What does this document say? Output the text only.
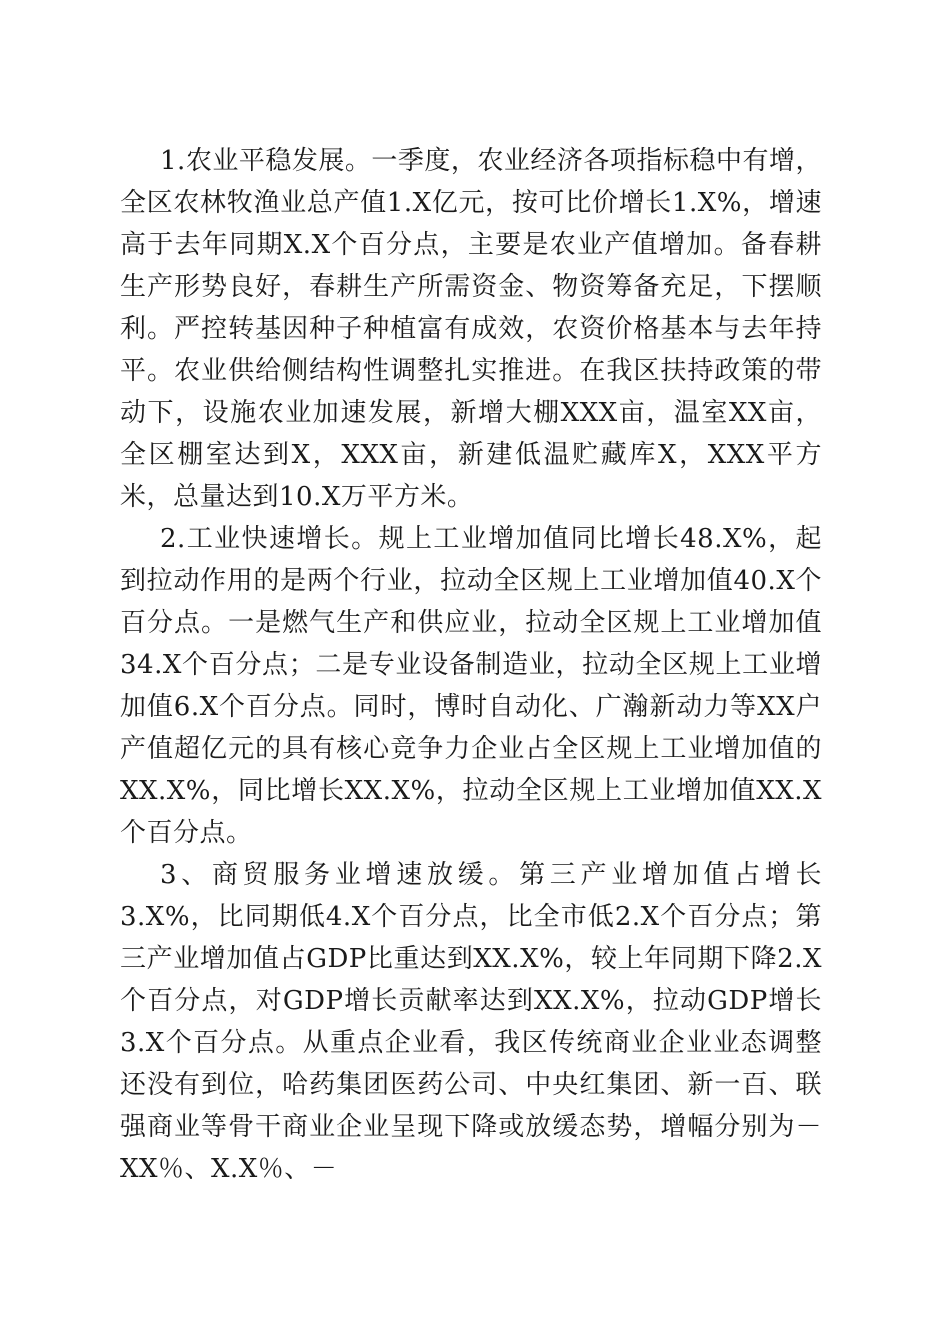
1.农业平稳发展。一季度，农业经济各项指标稳中有增，全区农林牧渔业总产值1.X亿元，按可比价增长1.X%，增速高于去年同期X.X个百分点，主要是农业产值增加。备春耕生产形势良好，春耕生产所需资金、物资筹备充足，下摆顺利。严控转基因种子种植富有成效，农资价格基本与去年持平。农业供给侧结构性调整扎实推进。在我区扶持政策的带动下，设施农业加速发展，新增大棚XXX亩，温室XX亩，全区棚室达到X，XXX亩，新建低温贮藏库X，XXX平方米，总量达到10.X万平方米。

2.工业快速增长。规上工业增加值同比增长48.X%，起到拉动作用的是两个行业，拉动全区规上工业增加值40.X个百分点。一是燃气生产和供应业，拉动全区规上工业增加值34.X个百分点；二是专业设备制造业，拉动全区规上工业增加值6.X个百分点。同时，博时自动化、广瀚新动力等XX户产值超亿元的具有核心竞争力企业占全区规上工业增加值的XX.X%，同比增长XX.X%，拉动全区规上工业增加值XX.X个百分点。

3、商贸服务业增速放缓。第三产业增加值占增长3.X%，比同期低4.X个百分点，比全市低2.X个百分点；第三产业增加值占GDP比重达到XX.X%，较上年同期下降2.X个百分点，对GDP增长贡献率达到XX.X%，拉动GDP增长3.X个百分点。从重点企业看，我区传统商业企业业态调整还没有到位，哈药集团医药公司、中央红集团、新一百、联强商业等骨干商业企业呈现下降或放缓态势，增幅分别为－XX％、X.X％、－
